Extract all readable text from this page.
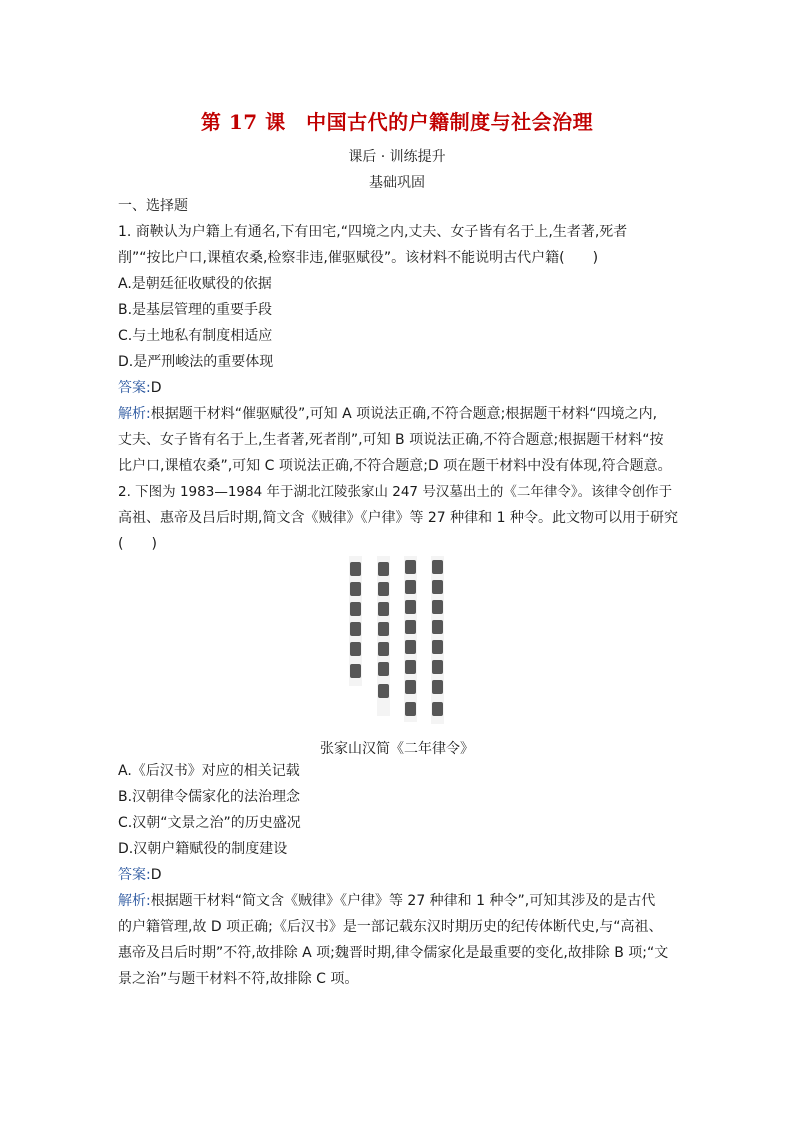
第 17 课　中国古代的户籍制度与社会治理
课后 · 训练提升
基础巩固
一、选择题
1. 商鞅认为户籍上有通名,下有田宅,“四境之内,丈夫、女子皆有名于上,生者著,死者
削”“按比户口,课植农桑,检察非违,催驱赋役”。该材料不能说明古代户籍(　　)
A.是朝廷征收赋役的依据
B.是基层管理的重要手段
C.与土地私有制度相适应
D.是严刑峻法的重要体现
答案:D
解析:根据题干材料“催驱赋役”,可知 A 项说法正确,不符合题意;根据题干材料“四境之内,
丈夫、女子皆有名于上,生者著,死者削”,可知 B 项说法正确,不符合题意;根据题干材料“按
比户口,课植农桑”,可知 C 项说法正确,不符合题意;D 项在题干材料中没有体现,符合题意。
2. 下图为 1983—1984 年于湖北江陵张家山 247 号汉墓出土的《二年律令》。该律令创作于
高祖、惠帝及吕后时期,简文含《贼律》《户律》等 27 种律和 1 种令。此文物可以用于研究
(　　)
张家山汉简《二年律令》
A.《后汉书》对应的相关记载
B.汉朝律令儒家化的法治理念
C.汉朝“文景之治”的历史盛况
D.汉朝户籍赋役的制度建设
答案:D
解析:根据题干材料“简文含《贼律》《户律》等 27 种律和 1 种令”,可知其涉及的是古代
的户籍管理,故 D 项正确;《后汉书》是一部记载东汉时期历史的纪传体断代史,与“高祖、
惠帝及吕后时期”不符,故排除 A 项;魏晋时期,律令儒家化是最重要的变化,故排除 B 项;“文
景之治”与题干材料不符,故排除 C 项。
